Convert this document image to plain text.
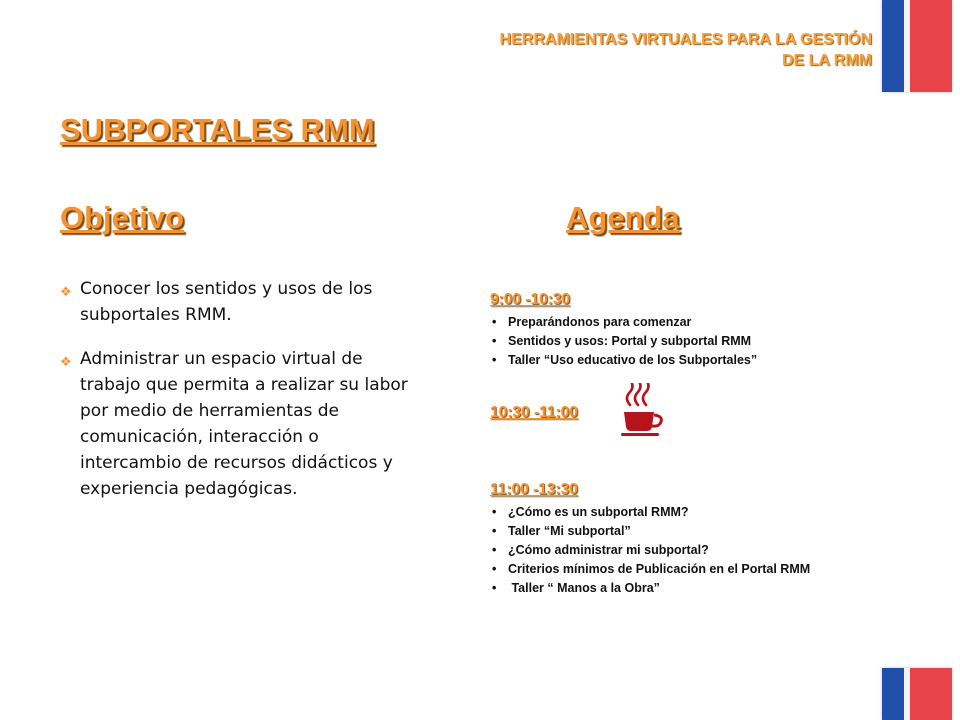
HERRAMIENTAS VIRTUALES PARA LA GESTIÓN
DE LA RMM
SUBPORTALES RMM
Objetivo	Agenda
❖ Conocer los sentidos y usos de los subportales RMM.
❖ Administrar un espacio virtual de trabajo que permita a realizar su labor por medio de herramientas de comunicación, interacción o intercambio de recursos didácticos y experiencia pedagógicas.
9:00 -10:30
• Preparándonos para comenzar
• Sentidos y usos: Portal y subportal RMM
• Taller “Uso educativo de los Subportales”
10:30 -11:00
11:00 -13:30
• ¿Cómo es un subportal RMM?
• Taller “Mi subportal”
• ¿Cómo administrar mi subportal?
• Criterios mínimos de Publicación en el Portal RMM
• Taller “ Manos a la Obra”
